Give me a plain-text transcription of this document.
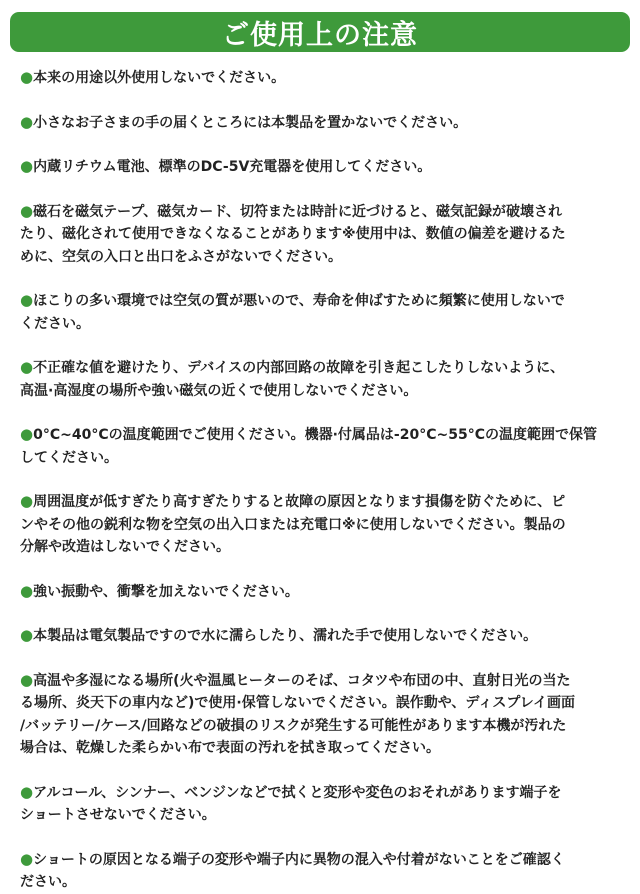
ご使用上の注意
●本来の用途以外使用しないでください。
●小さなお子さまの手の届くところには本製品を置かないでください。
●内蔵リチウム電池、標準のDC-5V充電器を使用してください。
●磁石を磁気テープ、磁気カード、切符または時計に近づけると、磁気記録が破壊され
たり、磁化されて使用できなくなることがあります※使用中は、数値の偏差を避けるた
めに、空気の入口と出口をふさがないでください。
●ほこりの多い環境では空気の質が悪いので、寿命を伸ばすために頻繁に使用しないで
ください。
●不正確な値を避けたり、デバイスの内部回路の故障を引き起こしたりしないように、
高温·高湿度の場所や強い磁気の近くで使用しないでください。
●0°C~40°Cの温度範囲でご使用ください。機器·付属品は-20°C~55°Cの温度範囲で保管
してください。
●周囲温度が低すぎたり高すぎたりすると故障の原因となります損傷を防ぐために、ピ
ンやその他の鋭利な物を空気の出入口または充電口※に使用しないでください。製品の
分解や改造はしないでください。
●強い振動や、衝撃を加えないでください。
●本製品は電気製品ですので水に濡らしたり、濡れた手で使用しないでください。
●高温や多湿になる場所(火や温風ヒーターのそば、コタツや布団の中、直射日光の当た
る場所、炎天下の車内など)で使用·保管しないでください。誤作動や、ディスプレイ画面
/バッテリー/ケース/回路などの破損のリスクが発生する可能性があります本機が汚れた
場合は、乾燥した柔らかい布で表面の汚れを拭き取ってください。
●アルコール、シンナー、ベンジンなどで拭くと変形や変色のおそれがあります端子を
ショートさせないでください。
●ショートの原因となる端子の変形や端子内に異物の混入や付着がないことをご確認く
ださい。
